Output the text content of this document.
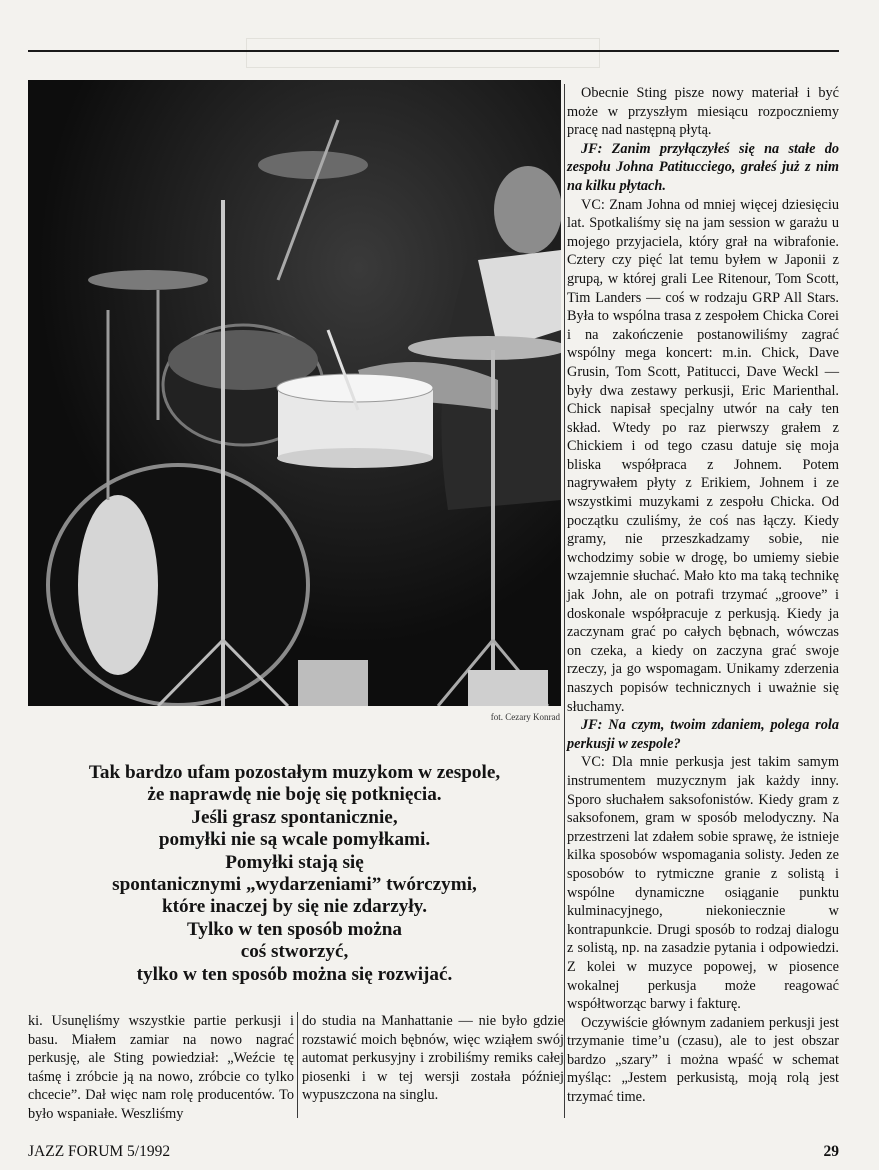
fot. Cezary Konrad
Tak bardzo ufam pozostałym muzykom w zespole,
że naprawdę nie boję się potknięcia.
Jeśli grasz spontanicznie,
pomyłki nie są wcale pomyłkami.
Pomyłki stają się
spontanicznymi „wydarzeniami” twórczymi,
które inaczej by się nie zdarzyły.
Tylko w ten sposób można
coś stworzyć,
tylko w ten sposób można się rozwijać.

Obecnie Sting pisze nowy materiał i być może w przyszłym miesiącu rozpoczniemy pracę nad następną płytą.

JF: Zanim przyłączyłeś się na stałe do zespołu Johna Patitucciego, grałeś już z nim na kilku płytach.

VC: Znam Johna od mniej więcej dziesięciu lat. Spotkaliśmy się na jam session w garażu u mojego przyjaciela, który grał na wibrafonie. Cztery czy pięć lat temu byłem w Japonii z grupą, w której grali Lee Ritenour, Tom Scott, Tim Landers — coś w rodzaju GRP All Stars. Była to wspólna trasa z zespołem Chicka Corei i na zakończenie postanowiliśmy zagrać wspólny mega koncert: m.in. Chick, Dave Grusin, Tom Scott, Patitucci, Dave Weckl — były dwa zestawy perkusji, Eric Marienthal. Chick napisał specjalny utwór na cały ten skład. Wtedy po raz pierwszy grałem z Chickiem i od tego czasu datuje się moja bliska współpraca z Johnem. Potem nagrywałem płyty z Erikiem, Johnem i ze wszystkimi muzykami z zespołu Chicka. Od początku czuliśmy, że coś nas łączy. Kiedy gramy, nie przeszkadzamy sobie, nie wchodzimy sobie w drogę, bo umiemy siebie wzajemnie słuchać. Mało kto ma taką technikę jak John, ale on potrafi trzymać „groove” i doskonale współpracuje z perkusją. Kiedy ja zaczynam grać po całych bębnach, wówczas on czeka, a kiedy on zaczyna grać swoje rzeczy, ja go wspomagam. Unikamy zderzenia naszych popisów technicznych i uważnie się słuchamy.

JF: Na czym, twoim zdaniem, polega rola perkusji w zespole?

VC: Dla mnie perkusja jest takim samym instrumentem muzycznym jak każdy inny. Sporo słuchałem saksofonistów. Kiedy gram z saksofonem, gram w sposób melodyczny. Na przestrzeni lat zdałem sobie sprawę, że istnieje kilka sposobów wspomagania solisty. Jeden ze sposobów to rytmiczne granie z solistą i wspólne dynamiczne osiąganie punktu kulminacyjnego, niekoniecznie w kontrapunkcie. Drugi sposób to rodzaj dialogu z solistą, np. na zasadzie pytania i odpowiedzi. Z kolei w muzyce popowej, w piosence wokalnej perkusja może reagować współtworząc barwy i fakturę.

Oczywiście głównym zadaniem perkusji jest trzymanie time’u (czasu), ale to jest obszar bardzo „szary” i można wpaść w schemat myśląc: „Jestem perkusistą, moją rolą jest trzymać time.

ki. Usunęliśmy wszystkie partie perkusji i basu. Miałem zamiar na nowo nagrać perkusję, ale Sting powiedział: „Weźcie tę taśmę i zróbcie ją na nowo, zróbcie co tylko chcecie”. Dał więc nam rolę producentów. To było wspaniałe. Weszliśmy

do studia na Manhattanie — nie było gdzie rozstawić moich bębnów, więc wziąłem swój automat perkusyjny i zrobiliśmy remiks całej piosenki i w tej wersji została później wypuszczona na singlu.

JAZZ FORUM 5/1992	29
